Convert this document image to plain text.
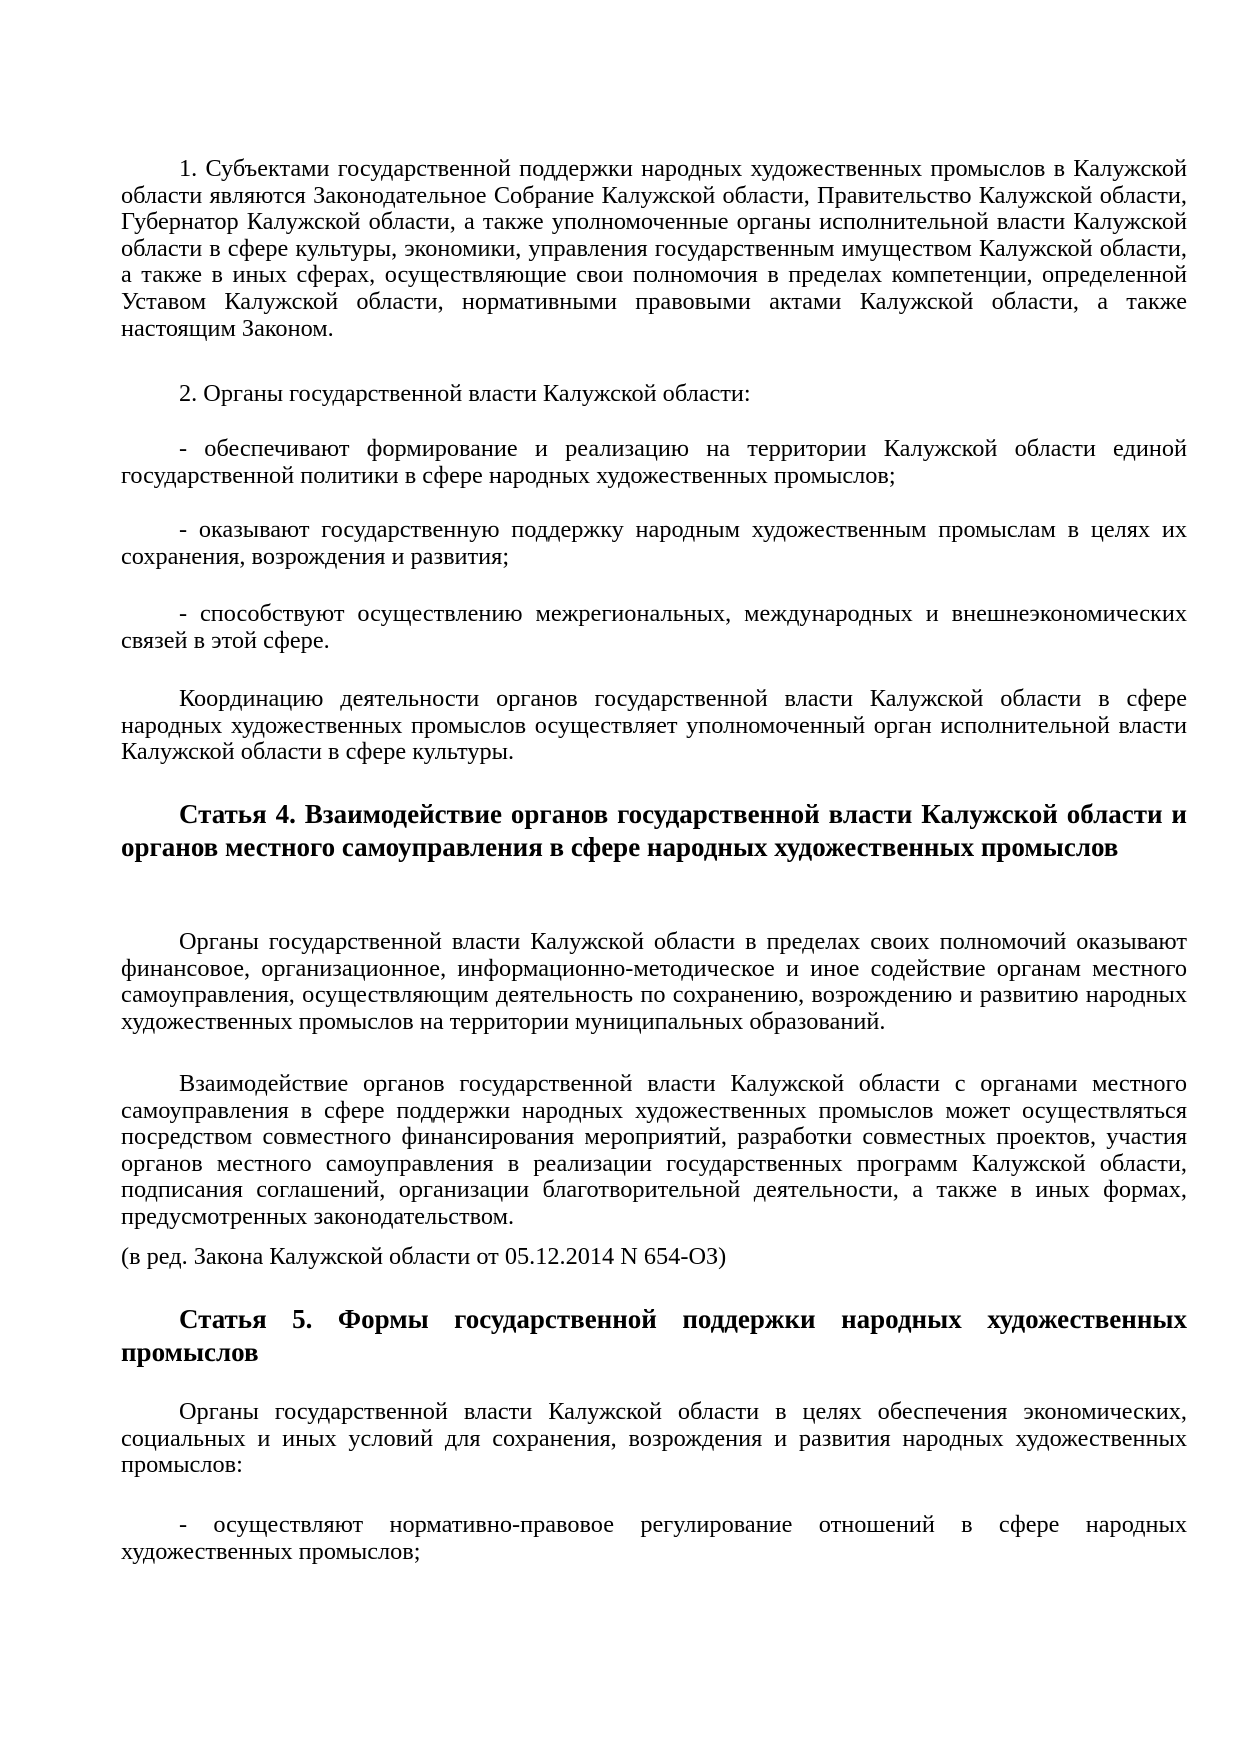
1. Субъектами государственной поддержки народных художественных промыслов в Калужской области являются Законодательное Собрание Калужской области, Правительство Калужской области, Губернатор Калужской области, а также уполномоченные органы исполнительной власти Калужской области в сфере культуры, экономики, управления государственным имуществом Калужской области, а также в иных сферах, осуществляющие свои полномочия в пределах компетенции, определенной Уставом Калужской области, нормативными правовыми актами Калужской области, а также настоящим Законом.

2. Органы государственной власти Калужской области:

- обеспечивают формирование и реализацию на территории Калужской области единой государственной политики в сфере народных художественных промыслов;

- оказывают государственную поддержку народным художественным промыслам в целях их сохранения, возрождения и развития;

- способствуют осуществлению межрегиональных, международных и внешнеэкономических связей в этой сфере.

Координацию деятельности органов государственной власти Калужской области в сфере народных художественных промыслов осуществляет уполномоченный орган исполнительной власти Калужской области в сфере культуры.

Статья 4. Взаимодействие органов государственной власти Калужской области и органов местного самоуправления в сфере народных художественных промыслов

Органы государственной власти Калужской области в пределах своих полномочий оказывают финансовое, организационное, информационно-методическое и иное содействие органам местного самоуправления, осуществляющим деятельность по сохранению, возрождению и развитию народных художественных промыслов на территории муниципальных образований.

Взаимодействие органов государственной власти Калужской области с органами местного самоуправления в сфере поддержки народных художественных промыслов может осуществляться посредством совместного финансирования мероприятий, разработки совместных проектов, участия органов местного самоуправления в реализации государственных программ Калужской области, подписания соглашений, организации благотворительной деятельности, а также в иных формах, предусмотренных законодательством.

(в ред. Закона Калужской области от 05.12.2014 N 654-ОЗ)

Статья 5. Формы государственной поддержки народных художественных промыслов

Органы государственной власти Калужской области в целях обеспечения экономических, социальных и иных условий для сохранения, возрождения и развития народных художественных промыслов:

- осуществляют нормативно-правовое регулирование отношений в сфере народных художественных промыслов;
